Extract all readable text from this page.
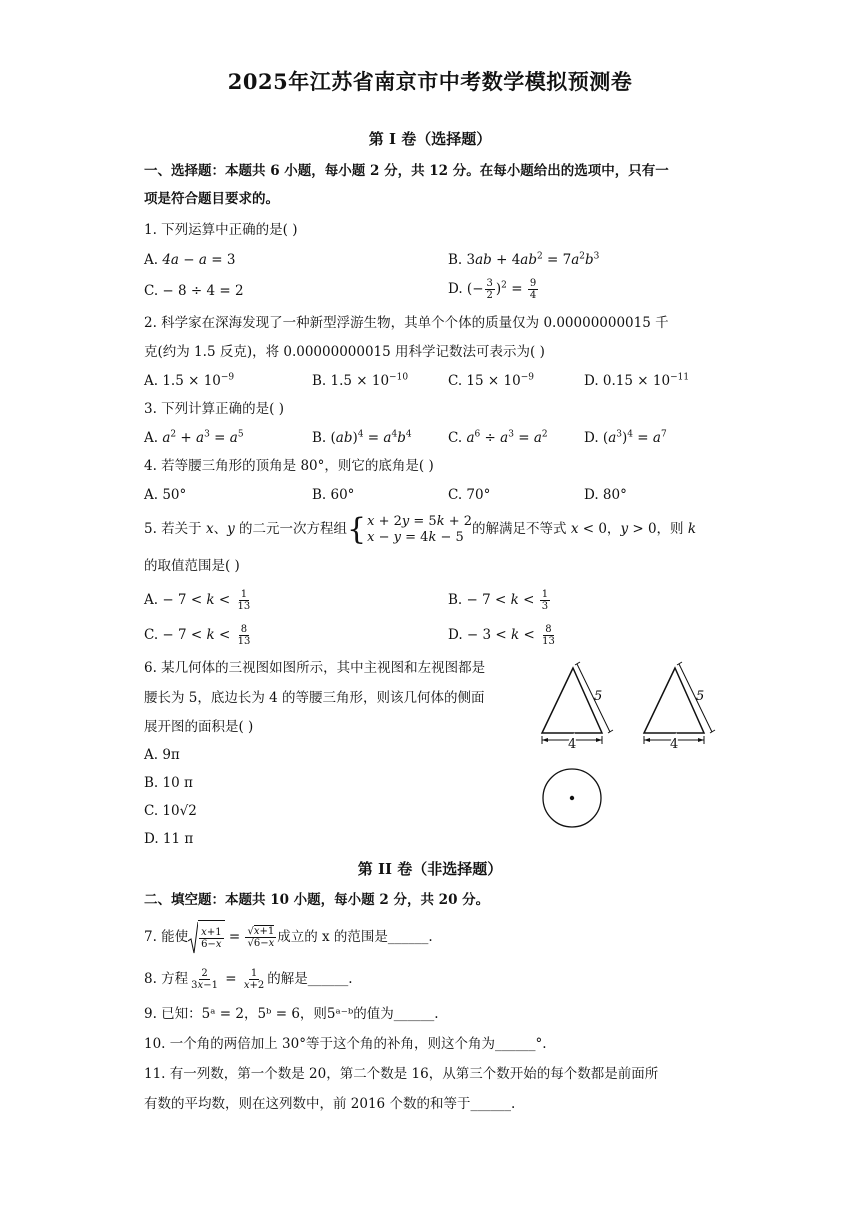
2025年江苏省南京市中考数学模拟预测卷
第 I 卷（选择题）
一、选择题：本题共 6 小题，每小题 2 分，共 12 分。在每小题给出的选项中，只有一
项是符合题目要求的。
1. 下列运算中正确的是( )
A. 4a − a = 3	B. $3ab + 4ab^2 = 7a^2b^3$
C. − 8 ÷ 4 = 2	D. (− $\frac{3}{2} )^2 = \frac{9}{4}$
2. 科学家在深海发现了一种新型浮游生物，其单个个体的质量仅为 0.00000000015 千
克(约为 1.5 反克)，将 0.00000000015 用科学记数法可表示为( )
A. $1.5 \times 10^{-9}$	B. $1.5 \times 10^{-10}$	C. $15 \times 10^{-9}$	D. $0.15 \times 10^{-11}$
3. 下列计算正确的是( )
A. $a^2 + a^3 = a^5$	B. $(ab)^4 = a^4b^4$	C. $a^6 \div a^3 = a^2$	D. $(a^3)^4 = a^7$
4. 若等腰三角形的顶角是 80°，则它的底角是( )
A. 50°	B. 60°	C. 70°	D. 80°
5. 若关于 x、y 的二元一次方程组 { x + 2y = 5k + 2
x − y = 4k − 5 的解满足不等式 x < 0，y > 0，则 k
的取值范围是( )
A. − $7 < k < \frac{1}{13}$	B. − $7 < k < \frac{1}{3}$
C. − $7 < k < \frac{8}{13}$	D. − $3 < k < \frac{8}{13}$
6. 某几何体的三视图如图所示，其中主视图和左视图都是
腰长为 5，底边长为 4 的等腰三角形，则该几何体的侧面
展开图的面积是( )
A. 9π
B. 10 π
C. 10√2
D. 11 π
5
4
5
4
第 II 卷（非选择题）
二、填空题：本题共 10 小题，每小题 2 分，共 20 分。
7. 能使 $\frac{x+1}{6-x} = \frac{√x+1}{√6-x}$ 成立的 x 的范围是______.
8. 方程 $\frac{2}{3x-1} = \frac{1}{x+2}$ 的解是______.
9. 已知：5ᵃ = 2，5ᵇ = 6，则5ᵃ⁻ᵇ的值为______.
10. 一个角的两倍加上 30°等于这个角的补角，则这个角为______°.
11. 有一列数，第一个数是 20，第二个数是 16，从第三个数开始的每个数都是前面所
有数的平均数，则在这列数中，前 2016 个数的和等于______.
